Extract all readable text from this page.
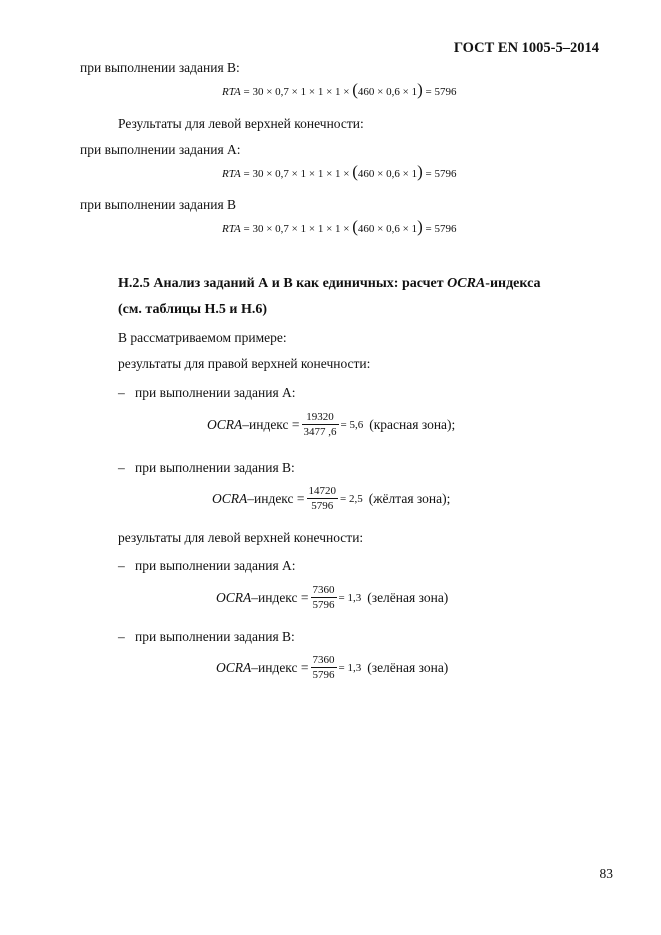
ГОСТ EN 1005-5–2014
при выполнении задания В:
RTA = 30 × 0,7 × 1 × 1 × 1 × (460 × 0,6 × 1) = 5796
Результаты для левой верхней конечности:
при выполнении задания А:
RTA = 30 × 0,7 × 1 × 1 × 1 × (460 × 0,6 × 1) = 5796
при выполнении задания В
RTA = 30 × 0,7 × 1 × 1 × 1 × (460 × 0,6 × 1) = 5796
Н.2.5 Анализ заданий А и В как единичных: расчет OCRA-индекса
(см. таблицы Н.5 и Н.6)
В рассматриваемом примере:
результаты для правой верхней конечности:
– при выполнении задания А:
OCRA –индекс = $\frac{19320}{3477 ,6} = 5,6$ (красная зона);
– при выполнении задания В:
OCRA –индекс = $\frac{14720}{5796} = 2,5$ (жёлтая зона);
результаты для левой верхней конечности:
– при выполнении задания А:
OCRA –индекс = $\frac{7360}{5796} = 1,3$ (зелёная зона)
– при выполнении задания В:
OCRA –индекс = $\frac{7360}{5796} = 1,3$ (зелёная зона)
83
